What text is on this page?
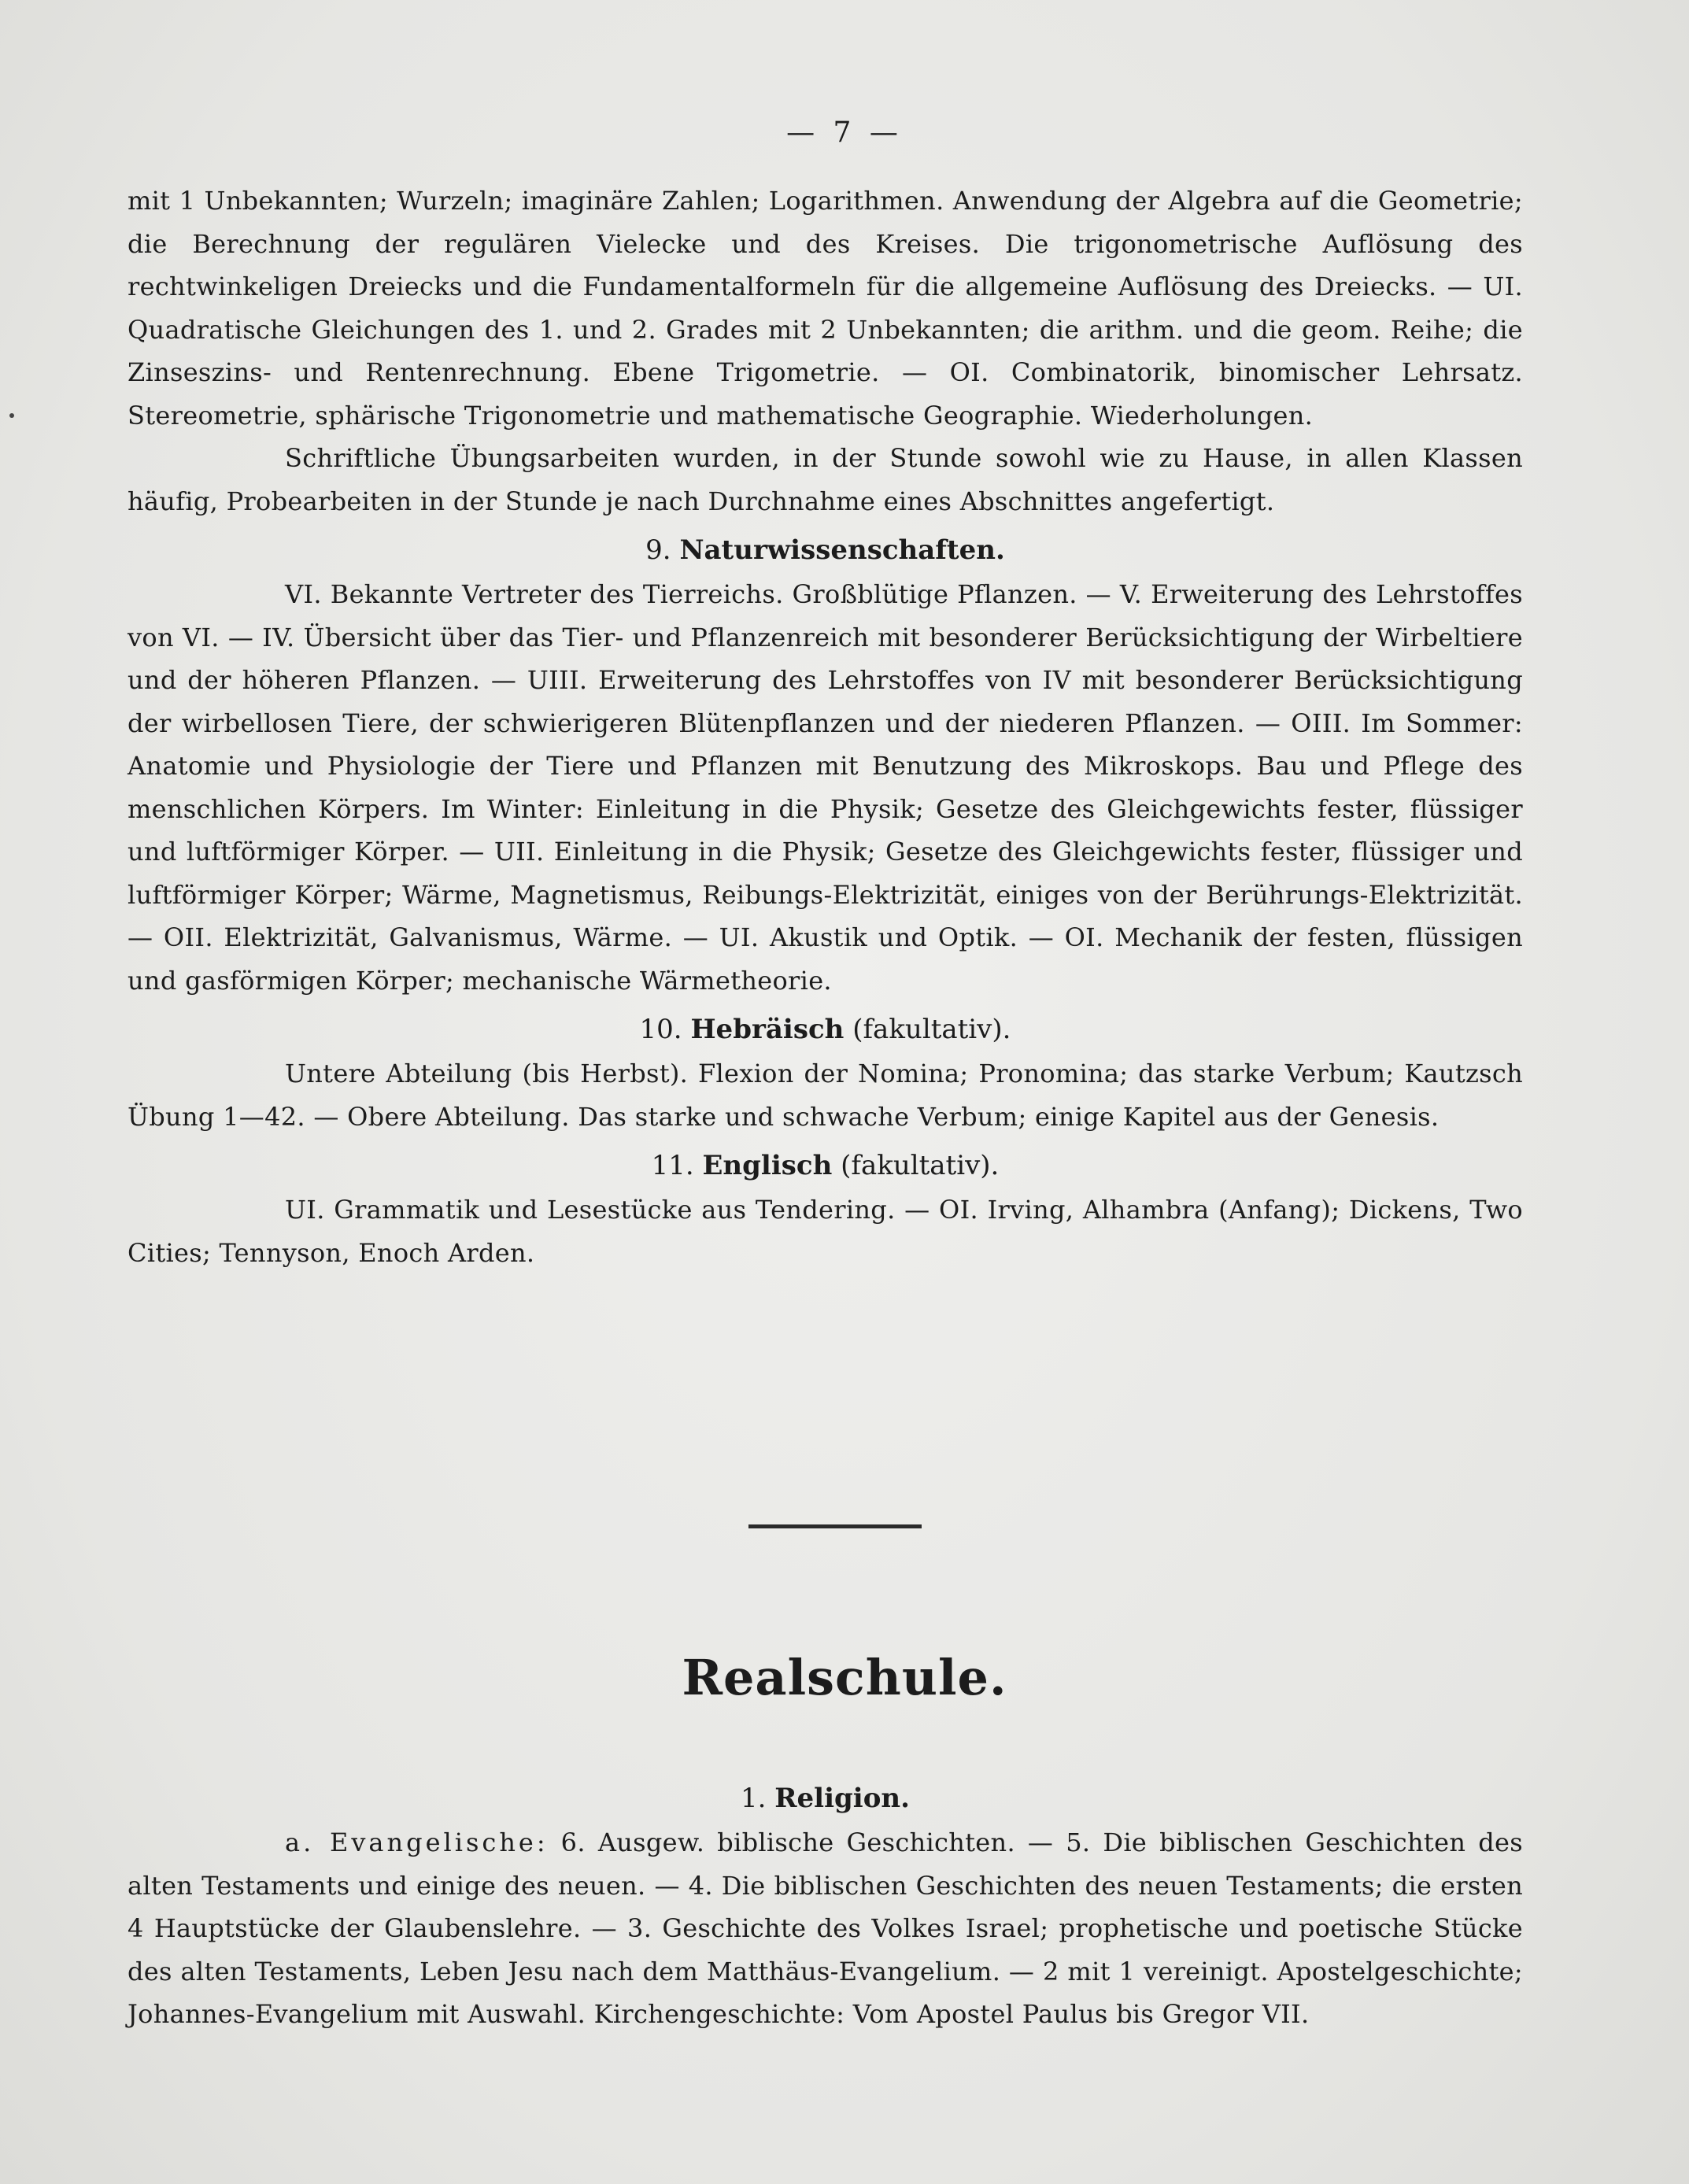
— 7 —

mit 1 Unbekannten; Wurzeln; imaginäre Zahlen; Logarithmen. Anwendung der Algebra auf die Geometrie; die Berechnung der regulären Vielecke und des Kreises. Die trigonometrische Auflösung des rechtwinkeligen Dreiecks und die Fundamentalformeln für die allgemeine Auflösung des Dreiecks. — UI. Quadratische Gleichungen des 1. und 2. Grades mit 2 Unbekannten; die arithm. und die geom. Reihe; die Zinseszins- und Rentenrechnung. Ebene Trigometrie. — OI. Combinatorik, binomischer Lehrsatz. Stereometrie, sphärische Trigonometrie und mathematische Geographie. Wiederholungen.

Schriftliche Übungsarbeiten wurden, in der Stunde sowohl wie zu Hause, in allen Klassen häufig, Probearbeiten in der Stunde je nach Durchnahme eines Abschnittes angefertigt.

9. Naturwissenschaften.

VI. Bekannte Vertreter des Tierreichs. Großblütige Pflanzen. — V. Erweiterung des Lehrstoffes von VI. — IV. Übersicht über das Tier- und Pflanzenreich mit besonderer Berücksichtigung der Wirbeltiere und der höheren Pflanzen. — UIII. Erweiterung des Lehrstoffes von IV mit besonderer Berücksichtigung der wirbellosen Tiere, der schwierigeren Blütenpflanzen und der niederen Pflanzen. — OIII. Im Sommer: Anatomie und Physiologie der Tiere und Pflanzen mit Benutzung des Mikroskops. Bau und Pflege des menschlichen Körpers. Im Winter: Einleitung in die Physik; Gesetze des Gleichgewichts fester, flüssiger und luftförmiger Körper. — UII. Einleitung in die Physik; Gesetze des Gleichgewichts fester, flüssiger und luftförmiger Körper; Wärme, Magnetismus, Reibungs-Elektrizität, einiges von der Berührungs-Elektrizität. — OII. Elektrizität, Galvanismus, Wärme. — UI. Akustik und Optik. — OI. Mechanik der festen, flüssigen und gasförmigen Körper; mechanische Wärmetheorie.

10. Hebräisch (fakultativ).

Untere Abteilung (bis Herbst). Flexion der Nomina; Pronomina; das starke Verbum; Kautzsch Übung 1—42. — Obere Abteilung. Das starke und schwache Verbum; einige Kapitel aus der Genesis.

11. Englisch (fakultativ).

UI. Grammatik und Lesestücke aus Tendering. — OI. Irving, Alhambra (Anfang); Dickens, Two Cities; Tennyson, Enoch Arden.

Realschule.

1. Religion.

a. Evangelische: 6. Ausgew. biblische Geschichten. — 5. Die biblischen Geschichten des alten Testaments und einige des neuen. — 4. Die biblischen Geschichten des neuen Testaments; die ersten 4 Hauptstücke der Glaubenslehre. — 3. Geschichte des Volkes Israel; prophetische und poetische Stücke des alten Testaments, Leben Jesu nach dem Matthäus-Evangelium. — 2 mit 1 vereinigt. Apostelgeschichte; Johannes-Evangelium mit Auswahl. Kirchengeschichte: Vom Apostel Paulus bis Gregor VII.
